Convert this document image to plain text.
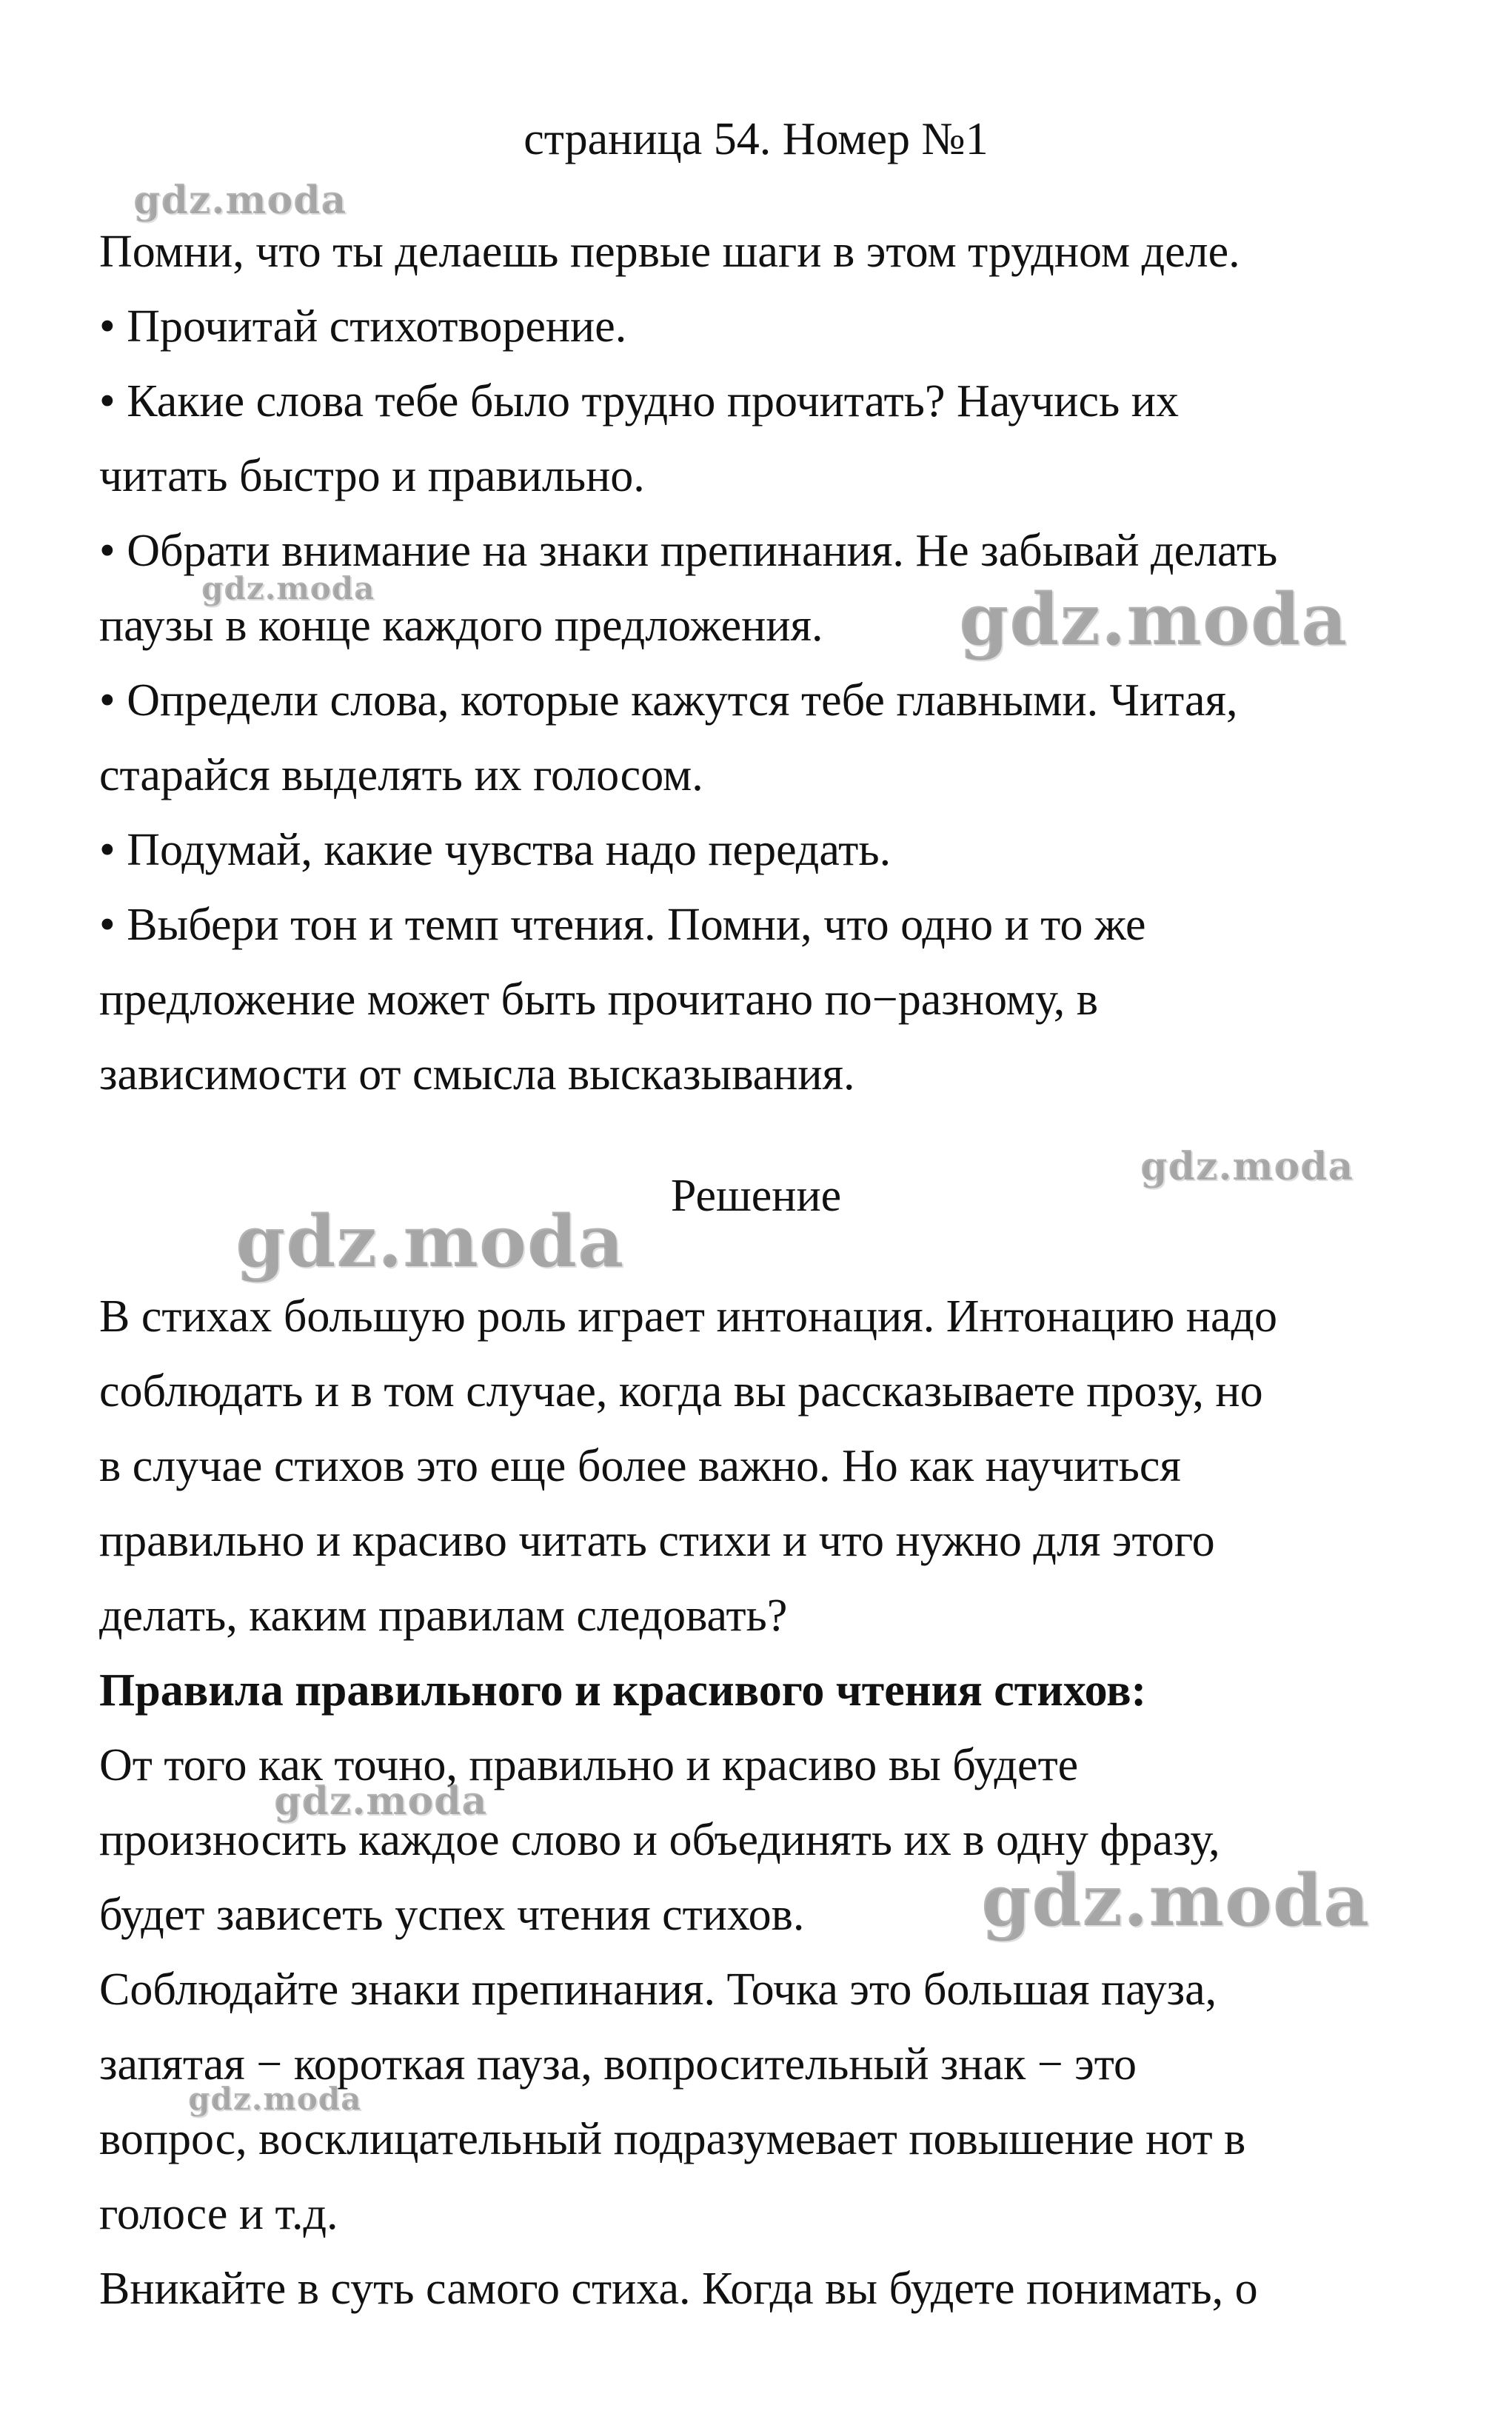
страница 54. Номер №1

Помни, что ты делаешь первые шаги в этом трудном деле.

• Прочитай стихотворение.

• Какие слова тебе было трудно прочитать? Научись их

читать быстро и правильно.

• Обрати внимание на знаки препинания. Не забывай делать

паузы в конце каждого предложения.

• Определи слова, которые кажутся тебе главными. Читая,

старайся выделять их голосом.

• Подумай, какие чувства надо передать.

• Выбери тон и темп чтения. Помни, что одно и то же

предложение может быть прочитано по−разному, в

зависимости от смысла высказывания.

Решение

В стихах большую роль играет интонация. Интонацию надо

соблюдать и в том случае, когда вы рассказываете прозу, но

в случае стихов это еще более важно. Но как научиться

правильно и красиво читать стихи и что нужно для этого

делать, каким правилам следовать?

Правила правильного и красивого чтения стихов:

От того как точно, правильно и красиво вы будете

произносить каждое слово и объединять их в одну фразу,

будет зависеть успех чтения стихов.

Соблюдайте знаки препинания. Точка это большая пауза,

запятая − короткая пауза, вопросительный знак − это

вопрос, восклицательный подразумевает повышение нот в

голосе и т.д.

Вникайте в суть самого стиха. Когда вы будете понимать, о

gdz.moda
gdz.moda	gdz.moda
gdz.moda
gdz.moda
gdz.moda
gdz.moda
gdz.moda
